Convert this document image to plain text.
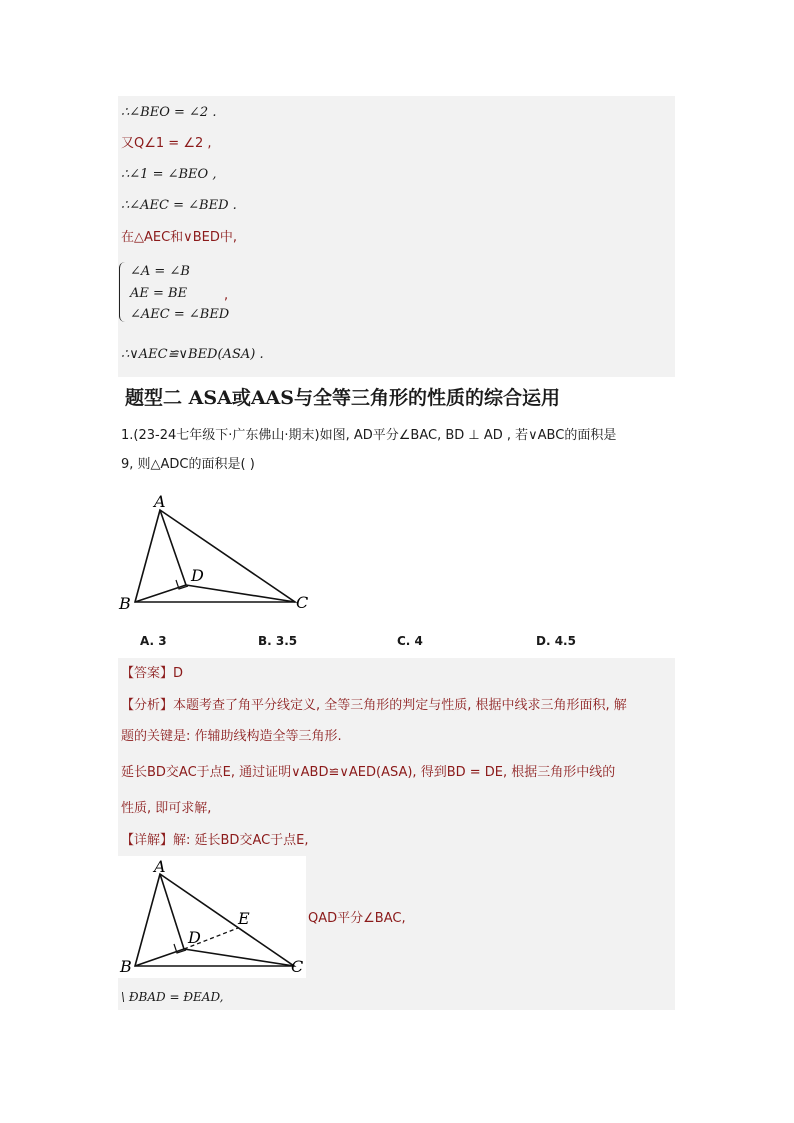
∴∠BEO = ∠2 .
又Q∠1 = ∠2 ,
∴∠1 = ∠BEO ,
∴∠AEC = ∠BED .
在△AEC和∨BED中,
∠A = ∠B
AE = BE
∠AEC = ∠BED
,
∴∨AEC≌∨BED(ASA) .
题型二 ASA或AAS与全等三角形的性质的综合运用
1.(23-24七年级下·广东佛山·期末)如图, AD平分∠BAC, BD ⊥ AD , 若∨ABC的面积是
9, 则△ADC的面积是( )
A
B	C
D
A. 3	B. 3.5	C. 4	D. 4.5
【答案】D
【分析】本题考查了角平分线定义, 全等三角形的判定与性质, 根据中线求三角形面积, 解
题的关键是: 作辅助线构造全等三角形.
延长BD交AC于点E, 通过证明∨ABD≌∨AED(ASA), 得到BD = DE, 根据三角形中线的
性质, 即可求解,
【详解】解: 延长BD交AC于点E,
A
B	C
D
E	QAD平分∠BAC,
\ ÐBAD = ÐEAD,
